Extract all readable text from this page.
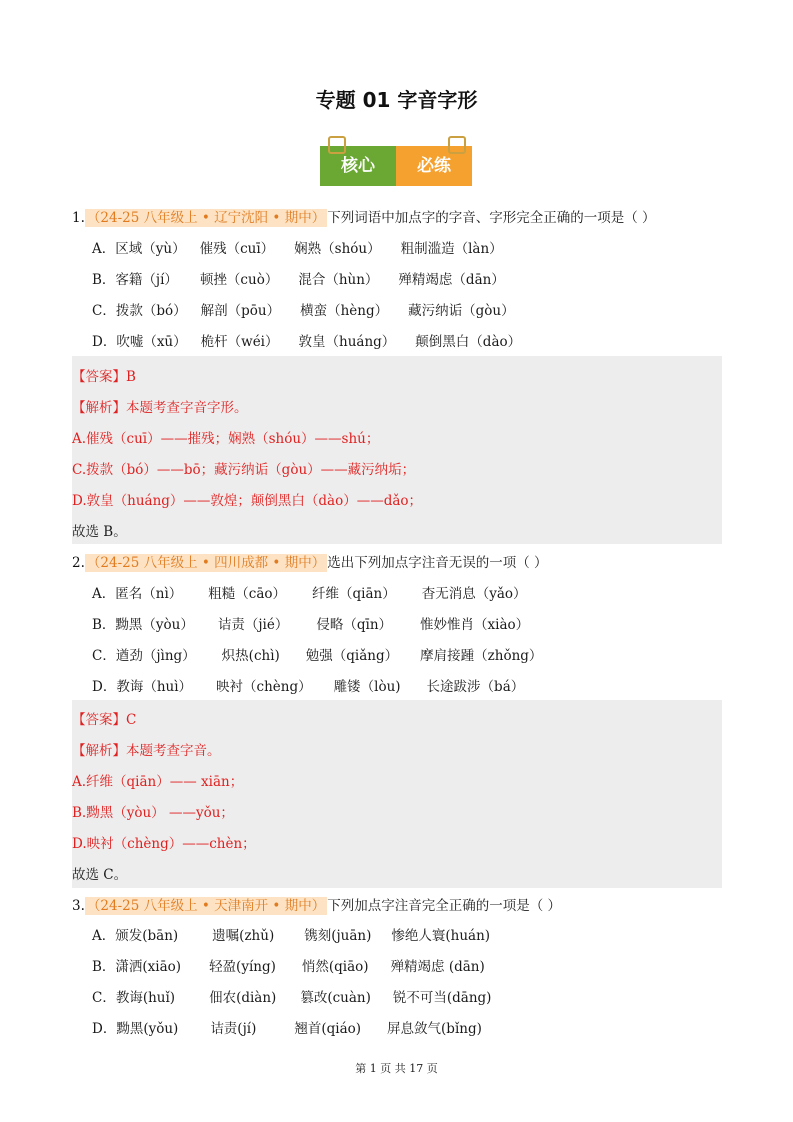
专题 01 字音字形
核心	必练
1. （24-25 八年级上 • 辽宁沈阳 • 期中） 下列词语中加点字的字音、字形完全正确的一项是（ ）
A．区域（yù） 催残（cuī） 娴熟（shóu） 粗制滥造（làn）
B．客籍（jí） 顿挫（cuò） 混合（hùn） 殚精竭虑（dān）
C．拨款（bó） 解剖（pōu） 横蛮（hèng） 藏污纳诟（gòu）
D．吹嘘（xū） 桅杆（wéi） 敦皇（huáng） 颠倒黑白（dào）
【答案】B
【解析】本题考查字音字形。
A.催残（cuī）——摧残；娴熟（shóu）——shú；
C.拨款（bó）——bō；藏污纳诟（gòu）——藏污纳垢；
D.敦皇（huáng）——敦煌；颠倒黑白（dào）——dǎo；
故选 B。
2. （24-25 八年级上 • 四川成都 • 期中） 选出下列加点字注音无误的一项（ ）
A．匿名（nì） 粗糙（cāo） 纤维（qiān） 杳无消息（yǎo）
B．黝黑（yòu） 诘责（jié） 侵略（qīn） 惟妙惟肖（xiào）
C．遒劲（jìng） 炽热(chì) 勉强（qiǎng） 摩肩接踵（zhǒng）
D．教诲（huì） 映衬（chèng） 雕镂（lòu) 长途跋涉（bá）
【答案】C
【解析】本题考查字音。
A.纤维（qiān）—— xiān；
B.黝黑（yòu） ——yǒu；
D.映衬（chèng）——chèn；
故选 C。
3. （24-25 八年级上 • 天津南开 • 期中） 下列加点字注音完全正确的一项是（ ）
A．颁发(bān)	遗嘱(zhǔ) 镌刻(juān) 惨绝人寰(huán)
B．潇洒(xiāo) 轻盈(yíng) 悄然(qiāo) 殚精竭虑 (dān)
C．教诲(huǐ)	佃农(diàn) 篡改(cuàn) 锐不可当(dāng)
D．黝黑(yǒu) 诘责(jí)	翘首(qiáo) 屏息敛气(bǐng)
第 1 页 共 17 页
